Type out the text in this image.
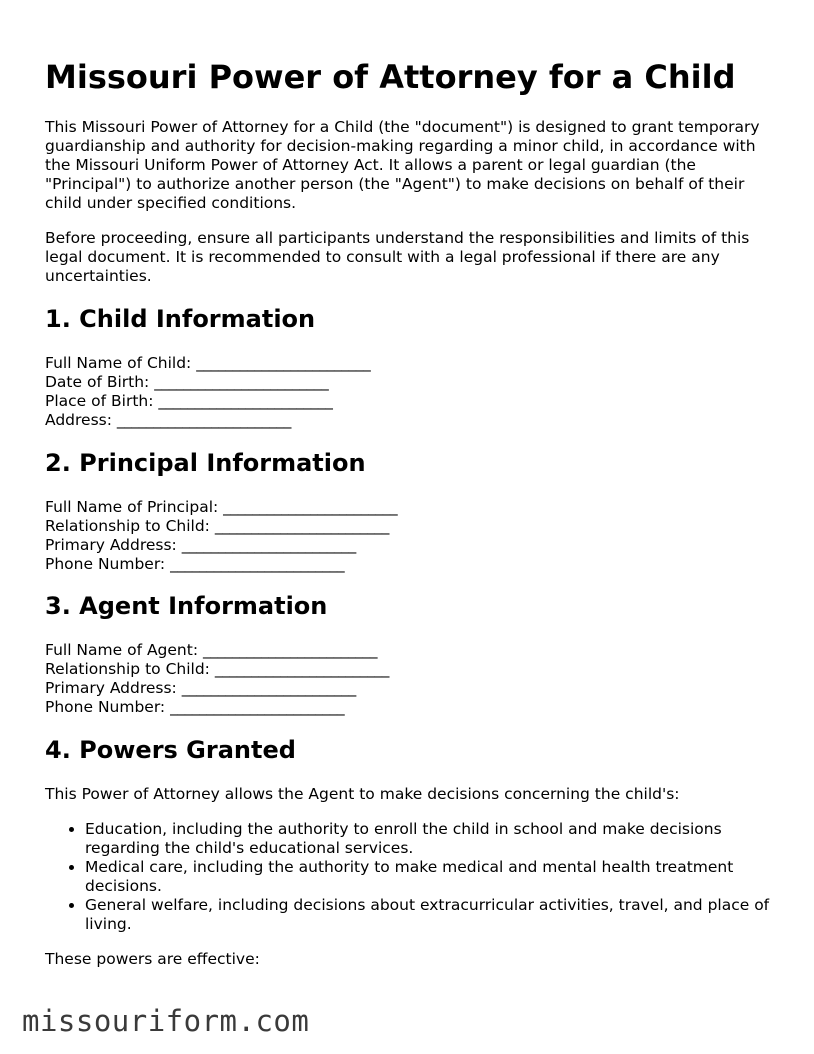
Missouri Power of Attorney for a Child

This Missouri Power of Attorney for a Child (the "document") is designed to grant temporary guardianship and authority for decision-making regarding a minor child, in accordance with the Missouri Uniform Power of Attorney Act. It allows a parent or legal guardian (the "Principal") to authorize another person (the "Agent") to make decisions on behalf of their child under specified conditions.

Before proceeding, ensure all participants understand the responsibilities and limits of this legal document. It is recommended to consult with a legal professional if there are any uncertainties.

1. Child Information
Full Name of Child: ________________________
Date of Birth: ________________________
Place of Birth: ________________________
Address: ________________________
2. Principal Information
Full Name of Principal: ________________________
Relationship to Child: ________________________
Primary Address: ________________________
Phone Number: ________________________
3. Agent Information
Full Name of Agent: ________________________
Relationship to Child: ________________________
Primary Address: ________________________
Phone Number: ________________________
4. Powers Granted

This Power of Attorney allows the Agent to make decisions concerning the child's:

• Education, including the authority to enroll the child in school and make decisions regarding the child's educational services.
• Medical care, including the authority to make medical and mental health treatment decisions.
• General welfare, including decisions about extracurricular activities, travel, and place of living.

These powers are effective:

missouriform.com
